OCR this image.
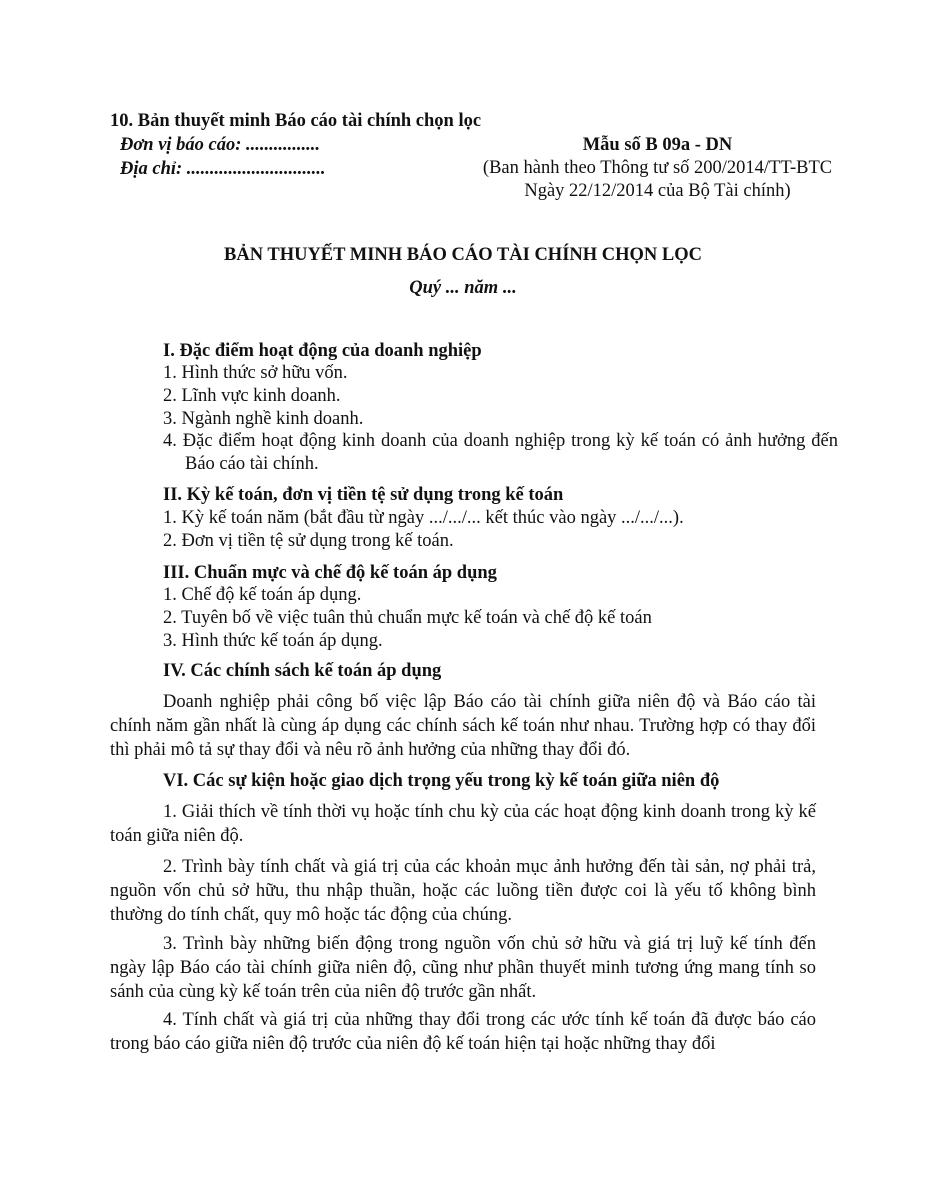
10. Bản thuyết minh Báo cáo tài chính chọn lọc
Đơn vị báo cáo: ................
Địa chỉ: ..............................
Mẫu số B 09a - DN
(Ban hành theo Thông tư số 200/2014/TT-BTC
Ngày 22/12/2014 của Bộ Tài chính)
BẢN THUYẾT MINH BÁO CÁO TÀI CHÍNH CHỌN LỌC
Quý ... năm ...
I. Đặc điểm hoạt động của doanh nghiệp
1. Hình thức sở hữu vốn.
2. Lĩnh vực kinh doanh.
3. Ngành nghề kinh doanh.
4. Đặc điểm hoạt động kinh doanh của doanh nghiệp trong kỳ kế toán có ảnh hưởng đến Báo cáo tài chính.
II. Kỳ kế toán, đơn vị tiền tệ sử dụng trong kế toán
1. Kỳ kế toán năm (bắt đầu từ ngày .../.../... kết thúc vào ngày .../.../...).
2. Đơn vị tiền tệ sử dụng trong kế toán.
III. Chuẩn mực và chế độ kế toán áp dụng
1. Chế độ kế toán áp dụng.
2. Tuyên bố về việc tuân thủ chuẩn mực kế toán và chế độ kế toán
3. Hình thức kế toán áp dụng.
IV. Các chính sách kế toán áp dụng
Doanh nghiệp phải công bố việc lập Báo cáo tài chính giữa niên độ và Báo cáo tài chính năm gần nhất là cùng áp dụng các chính sách kế toán như nhau. Trường hợp có thay đổi thì phải mô tả sự thay đổi và nêu rõ ảnh hưởng của những thay đổi đó.
VI. Các sự kiện hoặc giao dịch trọng yếu trong kỳ kế toán giữa niên độ
1. Giải thích về tính thời vụ hoặc tính chu kỳ của các hoạt động kinh doanh trong kỳ kế toán giữa niên độ.
2. Trình bày tính chất và giá trị của các khoản mục ảnh hưởng đến tài sản, nợ phải trả, nguồn vốn chủ sở hữu, thu nhập thuần, hoặc các luồng tiền được coi là yếu tố không bình thường do tính chất, quy mô hoặc tác động của chúng.
3. Trình bày những biến động trong nguồn vốn chủ sở hữu và giá trị luỹ kế tính đến ngày lập Báo cáo tài chính giữa niên độ, cũng như phần thuyết minh tương ứng mang tính so sánh của cùng kỳ kế toán trên của niên độ trước gần nhất.
4. Tính chất và giá trị của những thay đổi trong các ước tính kế toán đã được báo cáo trong báo cáo giữa niên độ trước của niên độ kế toán hiện tại hoặc những thay đổi
